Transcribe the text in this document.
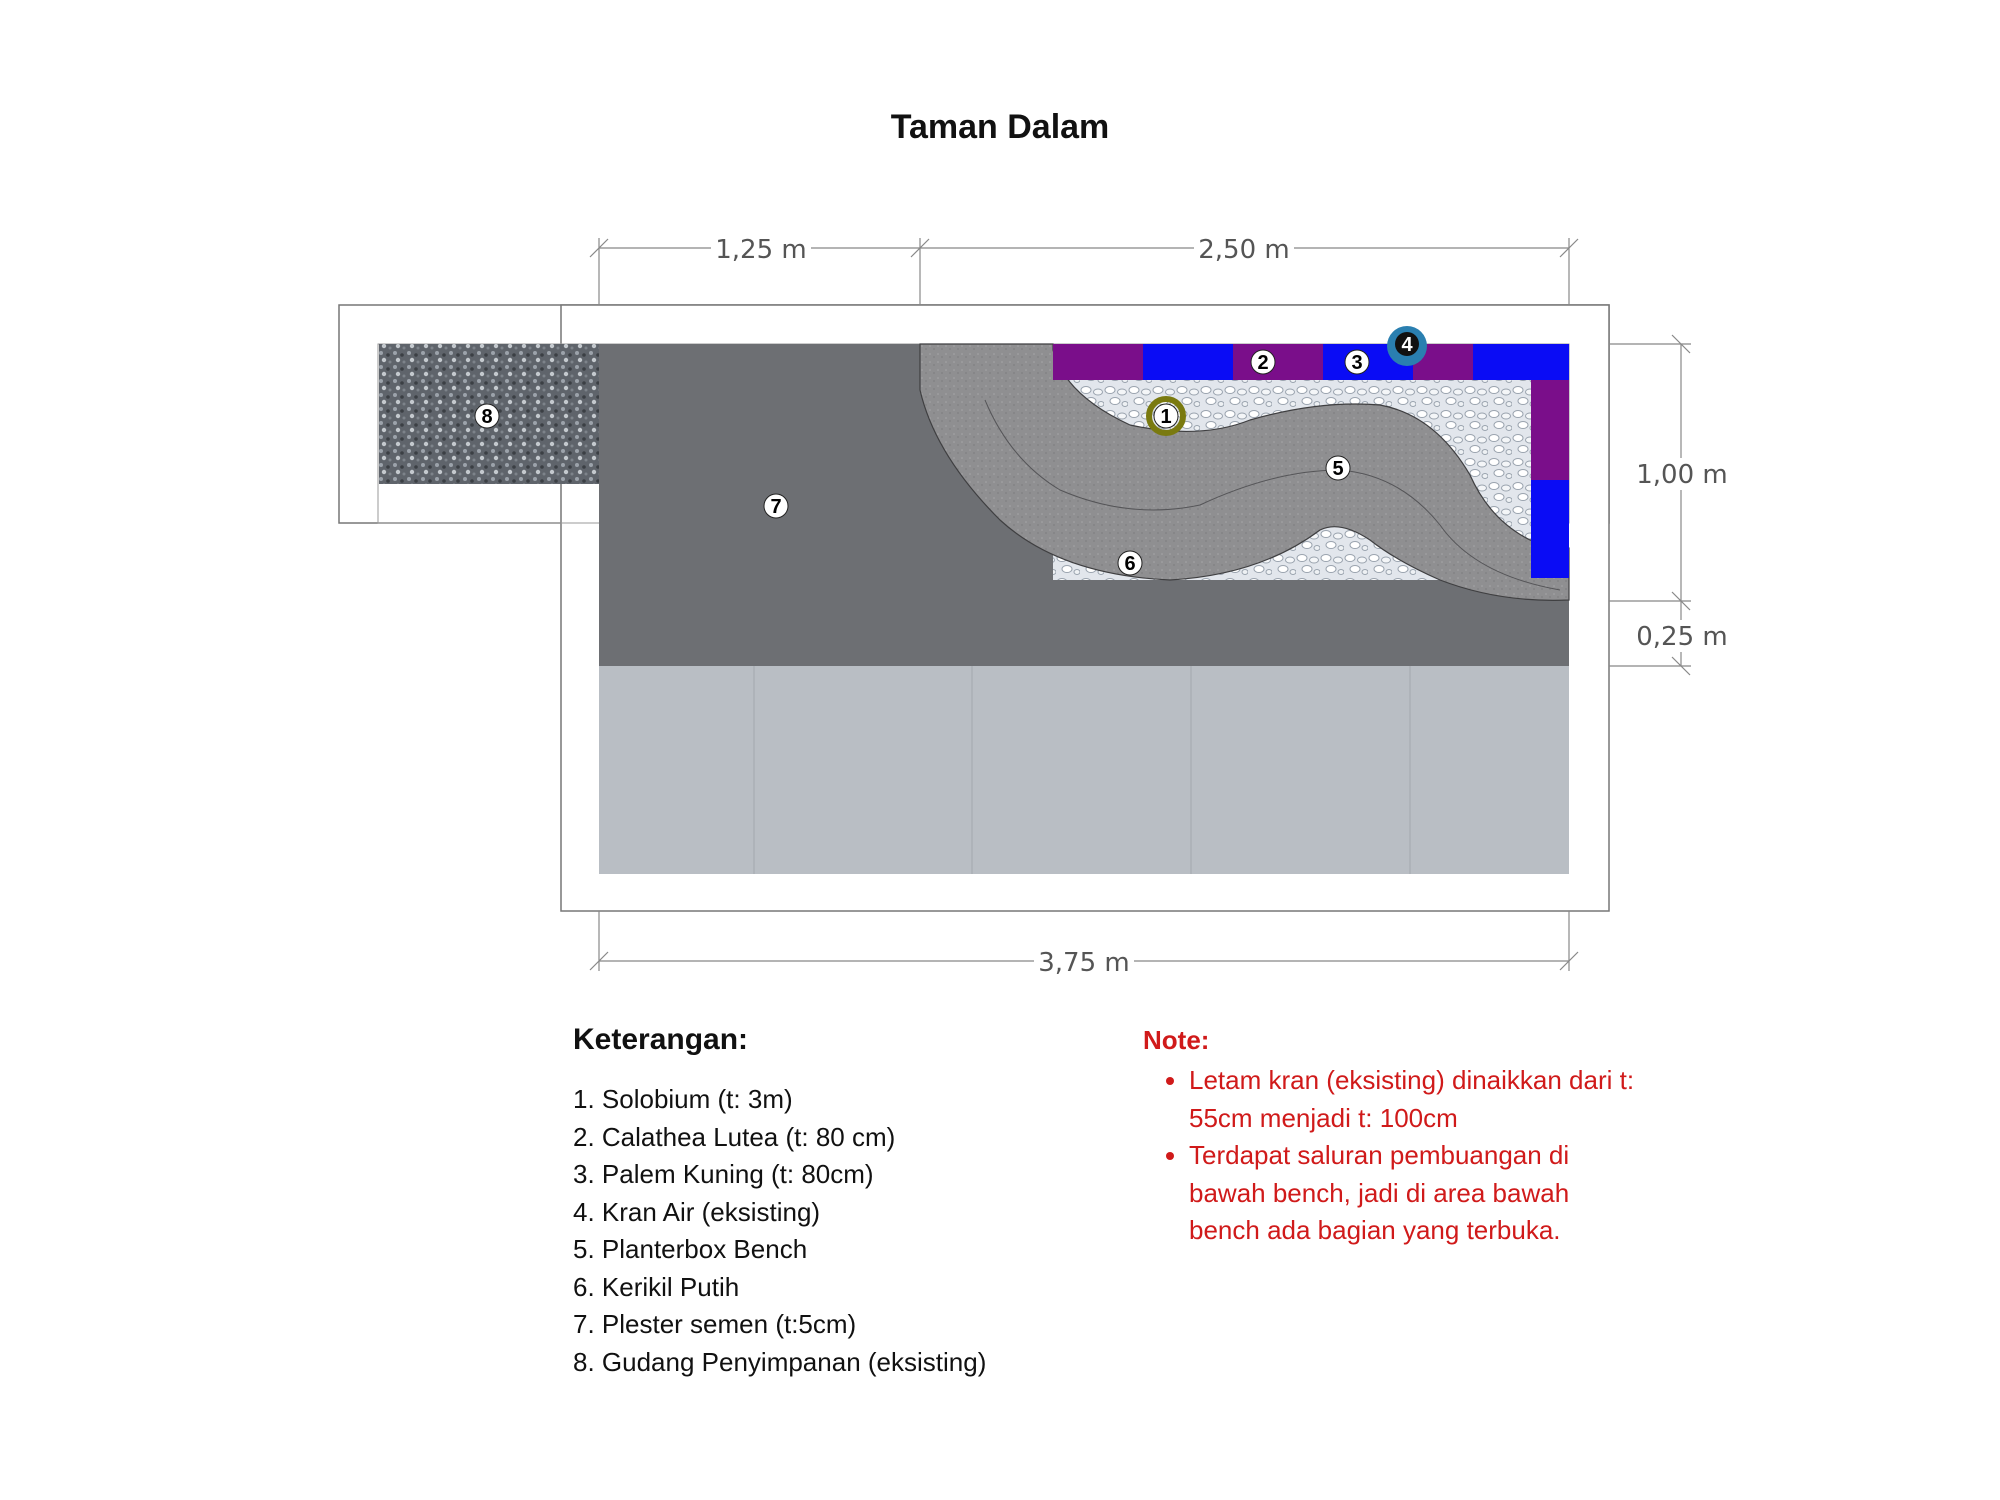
Taman Dalam
1,25 m	2,50 m
1,00 m
0,25 m
3,75 m
1
2	3
4
5
6
7
8
Keterangan:
1. Solobium (t: 3m)
2. Calathea Lutea (t: 80 cm)
3. Palem Kuning (t: 80cm)
4. Kran Air (eksisting)
5. Planterbox Bench
6. Kerikil Putih
7. Plester semen (t:5cm)
8. Gudang Penyimpanan (eksisting)
Note:
• Letam kran (eksisting) dinaikkan dari t: 55cm menjadi t: 100cm
• Terdapat saluran pembuangan di bawah bench, jadi di area bawah bench ada bagian yang terbuka.
